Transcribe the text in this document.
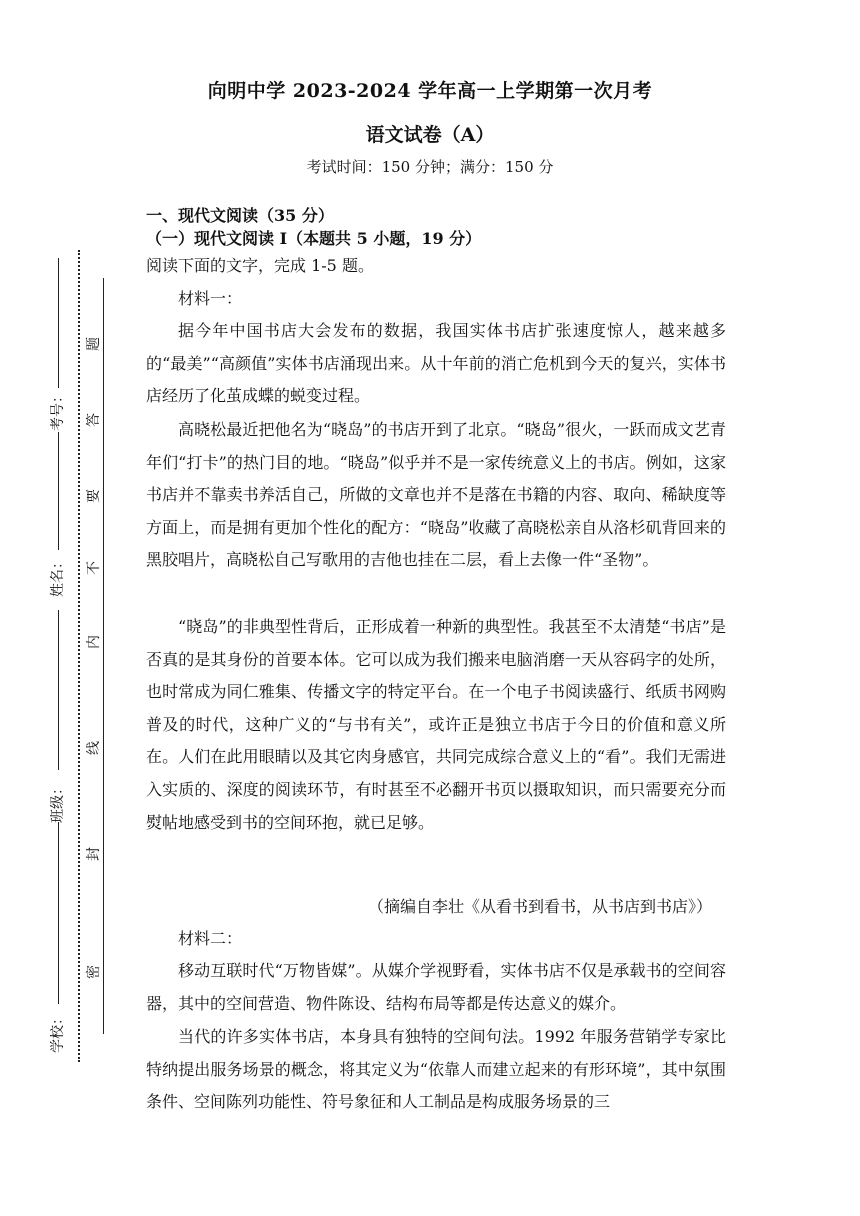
向明中学 2023-2024 学年高一上学期第一次月考
语文试卷（A）
考试时间：150 分钟；满分：150 分
考号：
姓名：
班级：
学校：
题
答
要
不
内
线
封
密
一、现代文阅读（35 分）
（一）现代文阅读 I（本题共 5 小题，19 分）
阅读下面的文字，完成 1-5 题。
材料一：
据今年中国书店大会发布的数据，我国实体书店扩张速度惊人，越来越多的“最美”“高颜值”实体书店涌现出来。从十年前的消亡危机到今天的复兴，实体书店经历了化茧成蝶的蜕变过程。
高晓松最近把他名为“晓岛”的书店开到了北京。“晓岛”很火，一跃而成文艺青年们“打卡”的热门目的地。“晓岛”似乎并不是一家传统意义上的书店。例如，这家书店并不靠卖书养活自己，所做的文章也并不是落在书籍的内容、取向、稀缺度等方面上，而是拥有更加个性化的配方：“晓岛”收藏了高晓松亲自从洛杉矶背回来的黑胶唱片，高晓松自己写歌用的吉他也挂在二层，看上去像一件“圣物”。
“晓岛”的非典型性背后，正形成着一种新的典型性。我甚至不太清楚“书店”是否真的是其身份的首要本体。它可以成为我们搬来电脑消磨一天从容码字的处所，也时常成为同仁雅集、传播文字的特定平台。在一个电子书阅读盛行、纸质书网购普及的时代，这种广义的“与书有关”，或许正是独立书店于今日的价值和意义所在。人们在此用眼睛以及其它肉身感官，共同完成综合意义上的“看”。我们无需进入实质的、深度的阅读环节，有时甚至不必翻开书页以摄取知识，而只需要充分而熨帖地感受到书的空间环抱，就已足够。
（摘编自李壮《从看书到看书，从书店到书店》）
材料二：
移动互联时代“万物皆媒”。从媒介学视野看，实体书店不仅是承载书的空间容器，其中的空间营造、物件陈设、结构布局等都是传达意义的媒介。
当代的许多实体书店，本身具有独特的空间句法。1992 年服务营销学专家比特纳提出服务场景的概念，将其定义为“依靠人而建立起来的有形环境”，其中氛围条件、空间陈列功能性、符号象征和人工制品是构成服务场景的三
